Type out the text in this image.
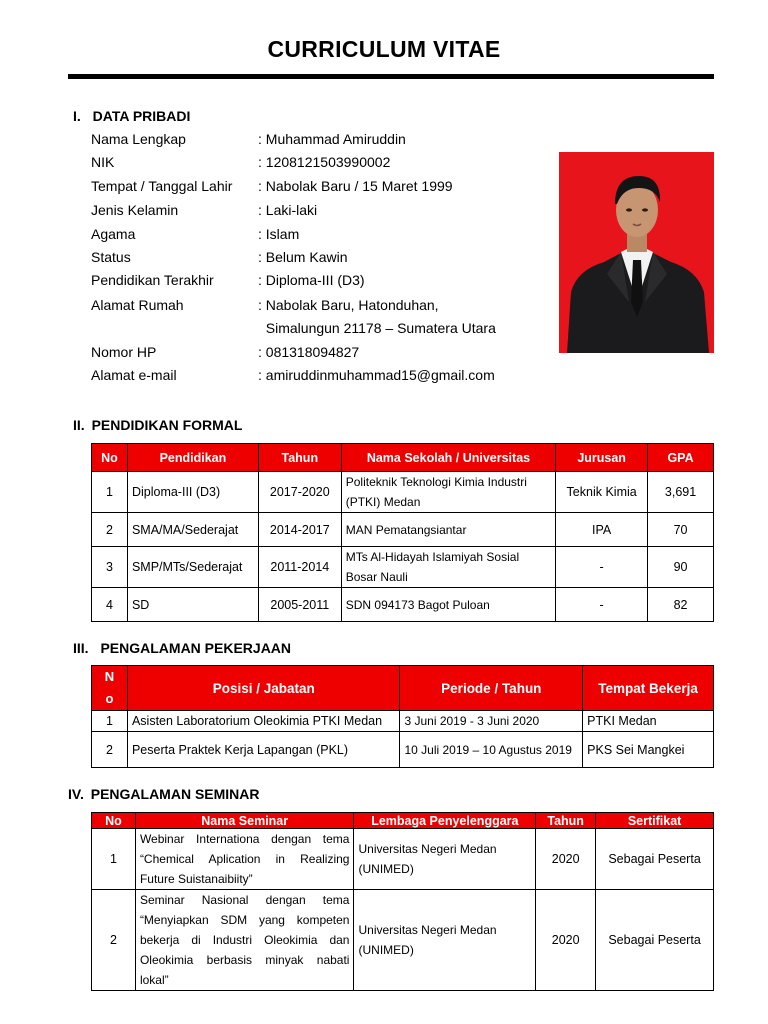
CURRICULUM VITAE
I. DATA PRIBADI
Nama Lengkap	: Muhammad Amiruddin
NIK	: 1208121503990002
Tempat / Tanggal Lahir : Nabolak Baru / 15 Maret 1999
Jenis Kelamin	: Laki-laki
Agama	: Islam
Status	: Belum Kawin
Pendidikan Terakhir	: Diploma-III (D3)
Alamat Rumah	: Nabolak Baru, Hatonduhan,
Simalungun 21178 – Sumatera Utara
Nomor HP	: 081318094827
Alamat e-mail	: amiruddinmuhammad15@gmail.com
II. PENDIDIKAN FORMAL
No	Pendidikan	Tahun	Nama Sekolah / Universitas	Jurusan	GPA
1	Diploma-III (D3)	2017-2020	Politeknik Teknologi Kimia Industri (PTKI) Medan	Teknik Kimia	3,691
2	SMA/MA/Sederajat	2014-2017	MAN Pematangsiantar	IPA	70
3	SMP/MTs/Sederajat	2011-2014	MTs Al-Hidayah Islamiyah Sosial Bosar Nauli	-	90
4	SD	2005-2011	SDN 094173 Bagot Puloan	-	82
III. PENGALAMAN PEKERJAAN
N o	Posisi / Jabatan	Periode / Tahun	Tempat Bekerja
1	Asisten Laboratorium Oleokimia PTKI Medan	3 Juni 2019 - 3 Juni 2020	PTKI Medan
2	Peserta Praktek Kerja Lapangan (PKL)	10 Juli 2019 – 10 Agustus 2019	PKS Sei Mangkei
IV. PENGALAMAN SEMINAR
No	Nama Seminar	Lembaga Penyelenggara	Tahun	Sertifikat
1	Webinar Internationa dengan tema “Chemical Aplication in Realizing Future Suistanaibiity”	Universitas Negeri Medan (UNIMED)	2020	Sebagai Peserta
2	Seminar Nasional dengan tema “Menyiapkan SDM yang kompeten bekerja di Industri Oleokimia dan Oleokimia berbasis minyak nabati lokal”	Universitas Negeri Medan (UNIMED)	2020	Sebagai Peserta
